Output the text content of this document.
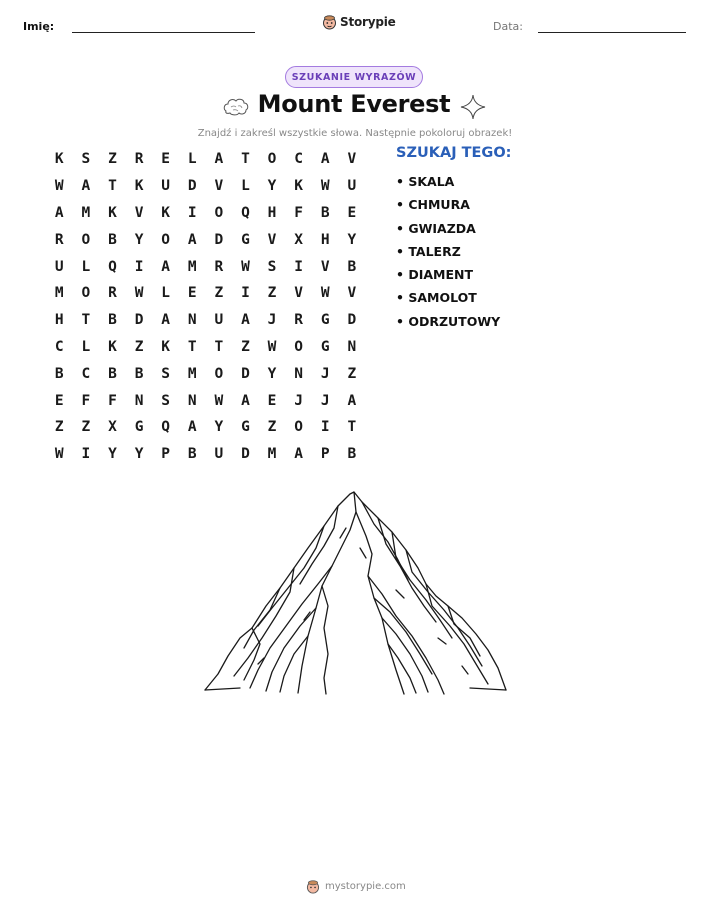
Imię:	Storypie	Data:
SZUKANIE WYRAZÓW
Mount Everest
Znajdź i zakreśl wszystkie słowa. Następnie pokoloruj obrazek!
K	S	Z	R	E	L	A	T	O	C	A	V
W	A	T	K	U	D	V	L	Y	K	W	U
A	M	K	V	K	I	O	Q	H	F	B	E
R	O	B	Y	O	A	D	G	V	X	H	Y
U	L	Q	I	A	M	R	W	S	I	V	B
M	O	R	W	L	E	Z	I	Z	V	W	V
H	T	B	D	A	N	U	A	J	R	G	D
C	L	K	Z	K	T	T	Z	W	O	G	N
B	C	B	B	S	M	O	D	Y	N	J	Z
E	F	F	N	S	N	W	A	E	J	J	A
Z	Z	X	G	Q	A	Y	G	Z	O	I	T
W	I	Y	Y	P	B	U	D	M	A	P	B
SZUKAJ TEGO:
• SKALA
• CHMURA
• GWIAZDA
• TALERZ
• DIAMENT
• SAMOLOT
• ODRZUTOWY
mystorypie.com
